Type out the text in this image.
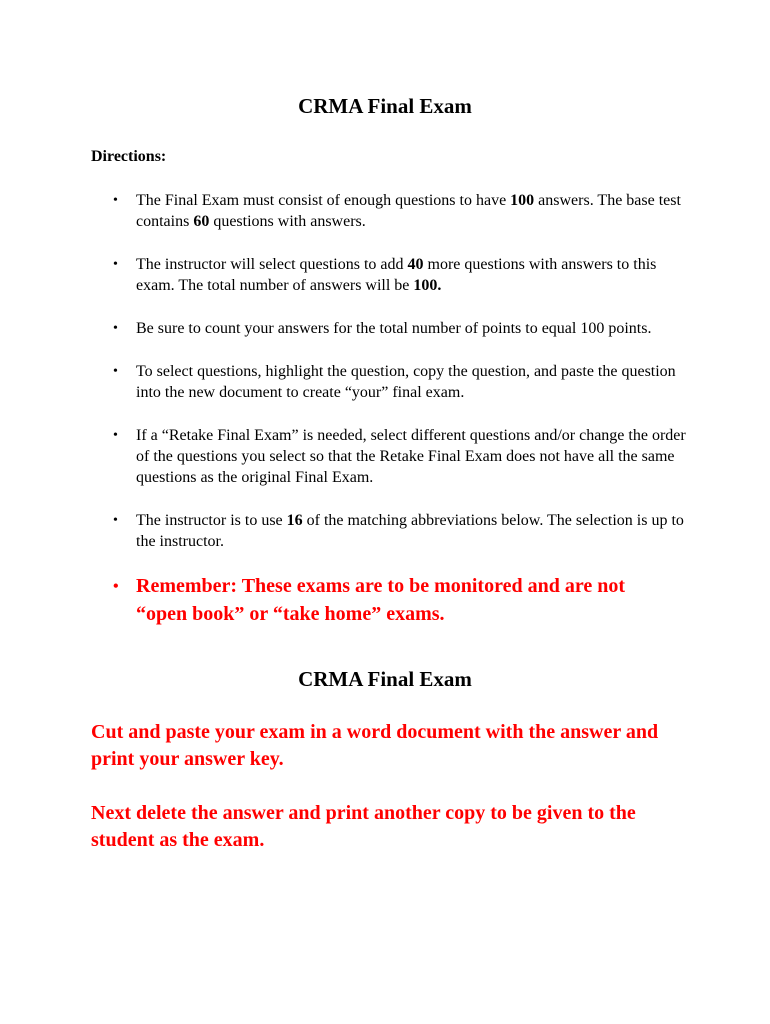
CRMA Final Exam

Directions:

• The Final Exam must consist of enough questions to have 100 answers. The base test contains 60 questions with answers.
• The instructor will select questions to add 40 more questions with answers to this exam. The total number of answers will be 100.
• Be sure to count your answers for the total number of points to equal 100 points.
• To select questions, highlight the question, copy the question, and paste the question into the new document to create “your” final exam.
• If a “Retake Final Exam” is needed, select different questions and/or change the order of the questions you select so that the Retake Final Exam does not have all the same questions as the original Final Exam.
• The instructor is to use 16 of the matching abbreviations below. The selection is up to the instructor.
• Remember: These exams are to be monitored and are not “open book” or “take home” exams.
CRMA Final Exam

Cut and paste your exam in a word document with the answer and print your answer key.

Next delete the answer and print another copy to be given to the student as the exam.
